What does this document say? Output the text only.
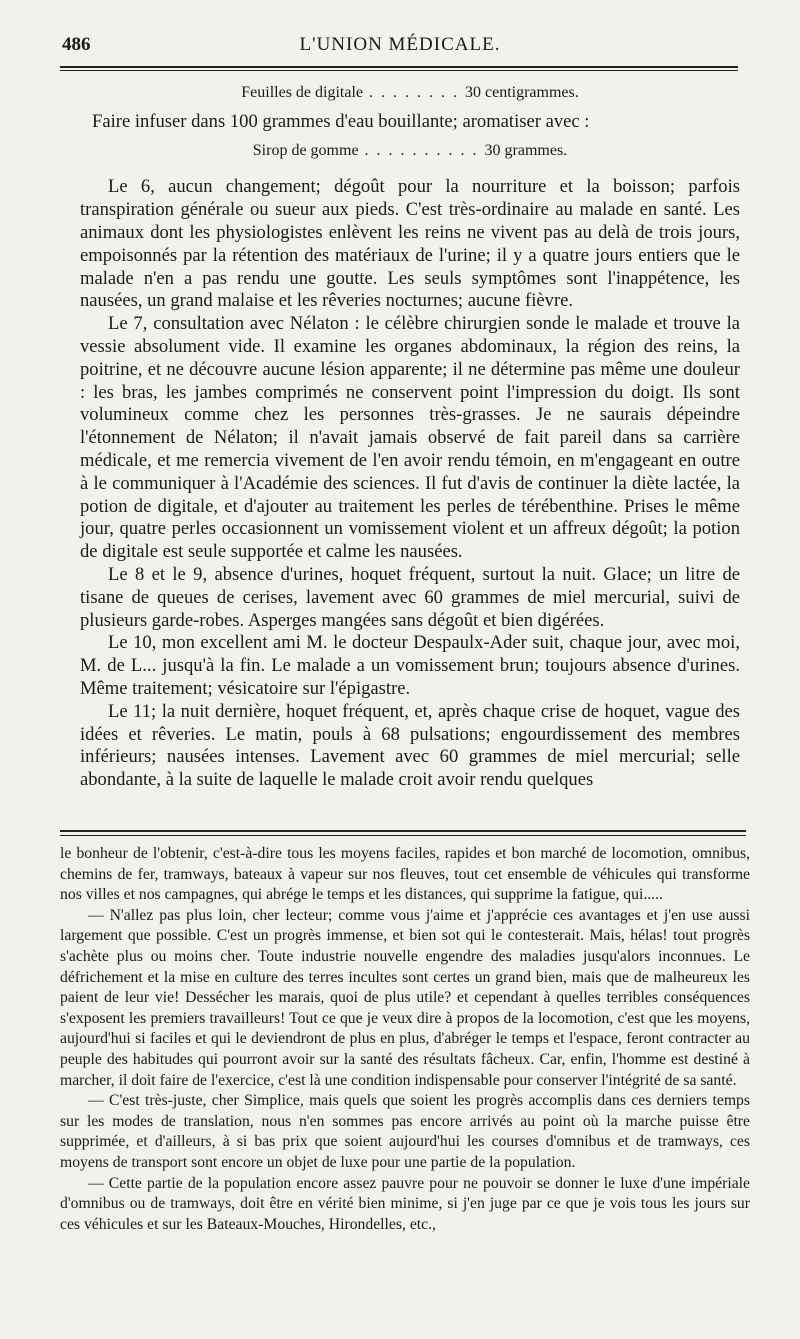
486	L'UNION MÉDICALE.

Feuilles de digitale . . . . . . . . 30 centigrammes.

Faire infuser dans 100 grammes d'eau bouillante; aromatiser avec :

Sirop de gomme . . . . . . . . . . 30 grammes.

Le 6, aucun changement; dégoût pour la nourriture et la boisson; parfois transpiration générale ou sueur aux pieds. C'est très-ordinaire au malade en santé. Les animaux dont les physiologistes enlèvent les reins ne vivent pas au delà de trois jours, empoisonnés par la rétention des matériaux de l'urine; il y a quatre jours entiers que le malade n'en a pas rendu une goutte. Les seuls symptômes sont l'inappétence, les nausées, un grand malaise et les rêveries nocturnes; aucune fièvre.

Le 7, consultation avec Nélaton : le célèbre chirurgien sonde le malade et trouve la vessie absolument vide. Il examine les organes abdominaux, la région des reins, la poitrine, et ne découvre aucune lésion apparente; il ne détermine pas même une douleur : les bras, les jambes comprimés ne conservent point l'impression du doigt. Ils sont volumineux comme chez les personnes très-grasses. Je ne saurais dépeindre l'étonnement de Nélaton; il n'avait jamais observé de fait pareil dans sa carrière médicale, et me remercia vivement de l'en avoir rendu témoin, en m'engageant en outre à le communiquer à l'Académie des sciences. Il fut d'avis de continuer la diète lactée, la potion de digitale, et d'ajouter au traitement les perles de térébenthine. Prises le même jour, quatre perles occasionnent un vomissement violent et un affreux dégoût; la potion de digitale est seule supportée et calme les nausées.

Le 8 et le 9, absence d'urines, hoquet fréquent, surtout la nuit. Glace; un litre de tisane de queues de cerises, lavement avec 60 grammes de miel mercurial, suivi de plusieurs garde-robes. Asperges mangées sans dégoût et bien digérées.

Le 10, mon excellent ami M. le docteur Despaulx-Ader suit, chaque jour, avec moi, M. de L... jusqu'à la fin. Le malade a un vomissement brun; toujours absence d'urines. Même traitement; vésicatoire sur l'épigastre.

Le 11; la nuit dernière, hoquet fréquent, et, après chaque crise de hoquet, vague des idées et rêveries. Le matin, pouls à 68 pulsations; engourdissement des membres inférieurs; nausées intenses. Lavement avec 60 grammes de miel mercurial; selle abondante, à la suite de laquelle le malade croit avoir rendu quelques

le bonheur de l'obtenir, c'est-à-dire tous les moyens faciles, rapides et bon marché de locomotion, omnibus, chemins de fer, tramways, bateaux à vapeur sur nos fleuves, tout cet ensemble de véhicules qui transforme nos villes et nos campagnes, qui abrége le temps et les distances, qui supprime la fatigue, qui.....

— N'allez pas plus loin, cher lecteur; comme vous j'aime et j'apprécie ces avantages et j'en use aussi largement que possible. C'est un progrès immense, et bien sot qui le contesterait. Mais, hélas! tout progrès s'achète plus ou moins cher. Toute industrie nouvelle engendre des maladies jusqu'alors inconnues. Le défrichement et la mise en culture des terres incultes sont certes un grand bien, mais que de malheureux les paient de leur vie! Dessécher les marais, quoi de plus utile? et cependant à quelles terribles conséquences s'exposent les premiers travailleurs! Tout ce que je veux dire à propos de la locomotion, c'est que les moyens, aujourd'hui si faciles et qui le deviendront de plus en plus, d'abréger le temps et l'espace, feront contracter au peuple des habitudes qui pourront avoir sur la santé des résultats fâcheux. Car, enfin, l'homme est destiné à marcher, il doit faire de l'exercice, c'est là une condition indispensable pour conserver l'intégrité de sa santé.

— C'est très-juste, cher Simplice, mais quels que soient les progrès accomplis dans ces derniers temps sur les modes de translation, nous n'en sommes pas encore arrivés au point où la marche puisse être supprimée, et d'ailleurs, à si bas prix que soient aujourd'hui les courses d'omnibus et de tramways, ces moyens de transport sont encore un objet de luxe pour une partie de la population.

— Cette partie de la population encore assez pauvre pour ne pouvoir se donner le luxe d'une impériale d'omnibus ou de tramways, doit être en vérité bien minime, si j'en juge par ce que je vois tous les jours sur ces véhicules et sur les Bateaux-Mouches, Hirondelles, etc.,
